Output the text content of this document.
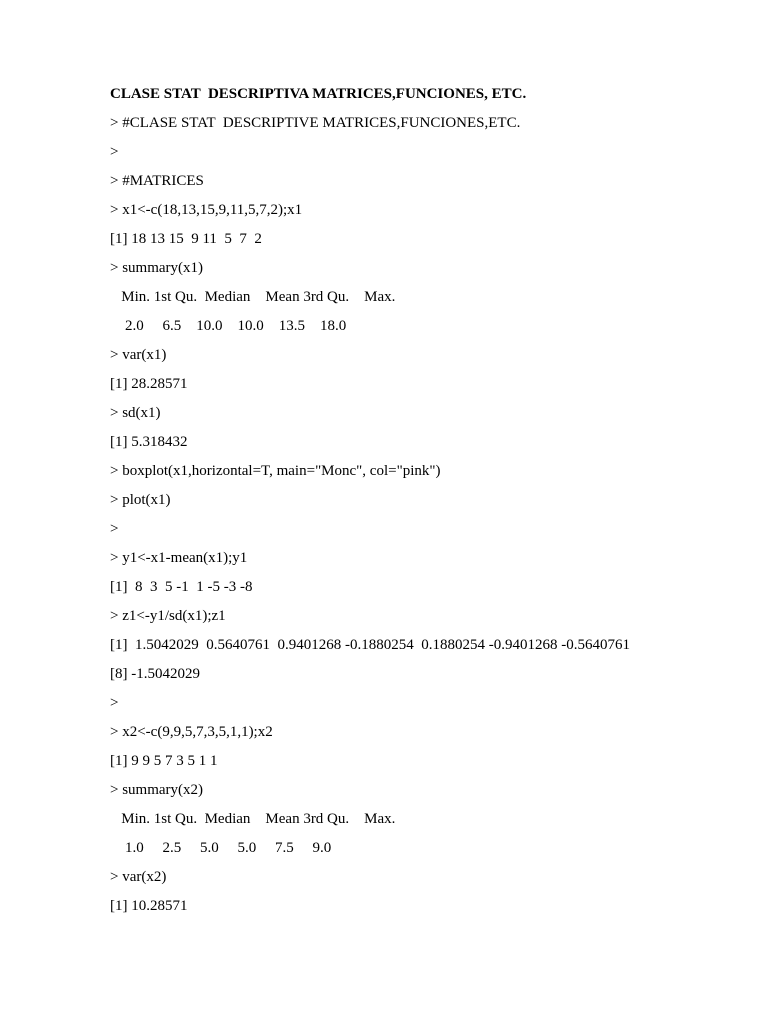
CLASE STAT  DESCRIPTIVA MATRICES,FUNCIONES, ETC.
> #CLASE STAT  DESCRIPTIVE MATRICES,FUNCIONES,ETC.
>
> #MATRICES
> x1<-c(18,13,15,9,11,5,7,2);x1
[1] 18 13 15  9 11  5  7  2
> summary(x1)
Min. 1st Qu.  Median    Mean 3rd Qu.    Max.
2.0     6.5    10.0    10.0    13.5    18.0
> var(x1)
[1] 28.28571
> sd(x1)
[1] 5.318432
> boxplot(x1,horizontal=T, main="Monc", col="pink")
> plot(x1)
>
> y1<-x1-mean(x1);y1
[1]  8  3  5 -1  1 -5 -3 -8
> z1<-y1/sd(x1);z1
[1]  1.5042029  0.5640761  0.9401268 -0.1880254  0.1880254 -0.9401268 -0.5640761
[8] -1.5042029
>
> x2<-c(9,9,5,7,3,5,1,1);x2
[1] 9 9 5 7 3 5 1 1
> summary(x2)
Min. 1st Qu.  Median    Mean 3rd Qu.    Max.
1.0     2.5     5.0     5.0     7.5     9.0
> var(x2)
[1] 10.28571
